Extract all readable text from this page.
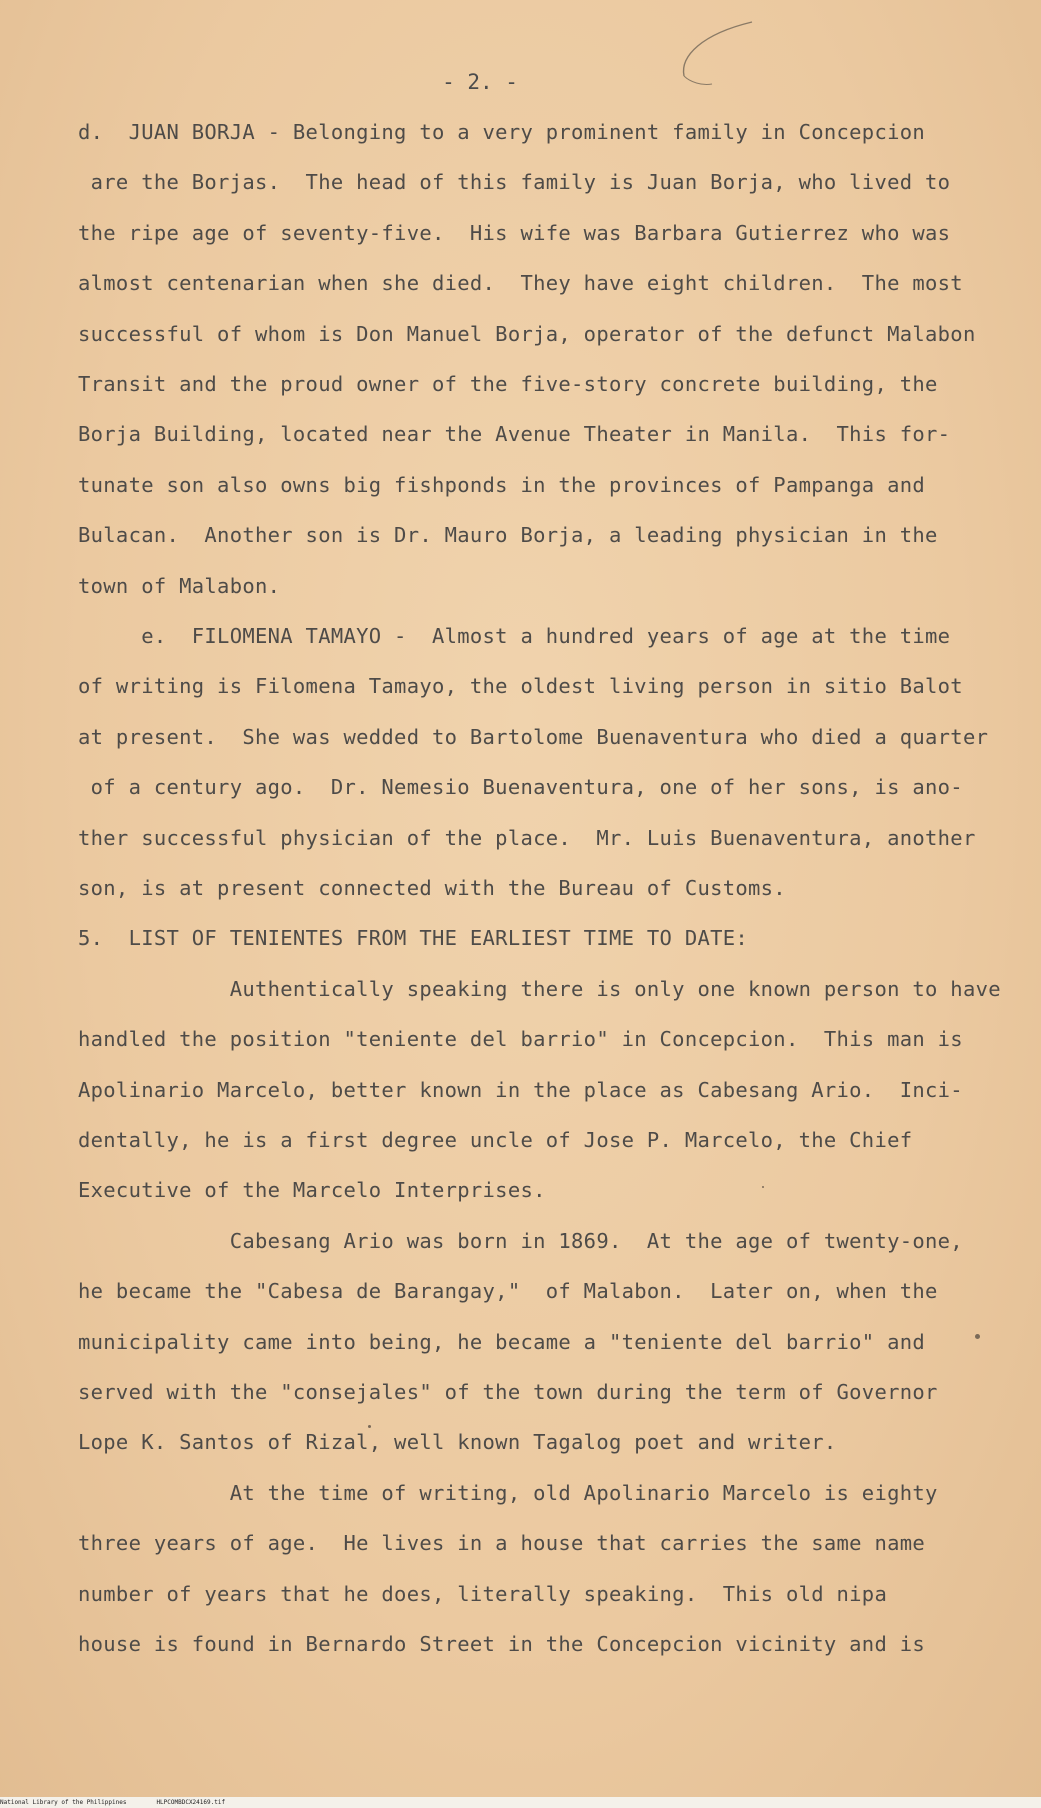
- 2. -
d.  JUAN BORJA - Belonging to a very prominent family in Concepcion
are the Borjas.  The head of this family is Juan Borja, who lived to
the ripe age of seventy-five.  His wife was Barbara Gutierrez who was
almost centenarian when she died.  They have eight children.  The most
successful of whom is Don Manuel Borja, operator of the defunct Malabon
Transit and the proud owner of the five-story concrete building, the
Borja Building, located near the Avenue Theater in Manila.  This for-
tunate son also owns big fishponds in the provinces of Pampanga and
Bulacan.  Another son is Dr. Mauro Borja, a leading physician in the
town of Malabon.
e.  FILOMENA TAMAYO -  Almost a hundred years of age at the time
of writing is Filomena Tamayo, the oldest living person in sitio Balot
at present.  She was wedded to Bartolome Buenaventura who died a quarter
of a century ago.  Dr. Nemesio Buenaventura, one of her sons, is ano-
ther successful physician of the place.  Mr. Luis Buenaventura, another
son, is at present connected with the Bureau of Customs.
5.  LIST OF TENIENTES FROM THE EARLIEST TIME TO DATE:
Authentically speaking there is only one known person to have
handled the position "teniente del barrio" in Concepcion.  This man is
Apolinario Marcelo, better known in the place as Cabesang Ario.  Inci-
dentally, he is a first degree uncle of Jose P. Marcelo, the Chief
Executive of the Marcelo Interprises.
Cabesang Ario was born in 1869.  At the age of twenty-one,
he became the "Cabesa de Barangay,"  of Malabon.  Later on, when the
municipality came into being, he became a "teniente del barrio" and
served with the "consejales" of the town during the term of Governor
Lope K. Santos of Rizal, well known Tagalog poet and writer.
At the time of writing, old Apolinario Marcelo is eighty
three years of age.  He lives in a house that carries the same name
number of years that he does, literally speaking.  This old nipa
house is found in Bernardo Street in the Concepcion vicinity and is
National Library of the Philippines	HLPCOMBDCX24169.tif
